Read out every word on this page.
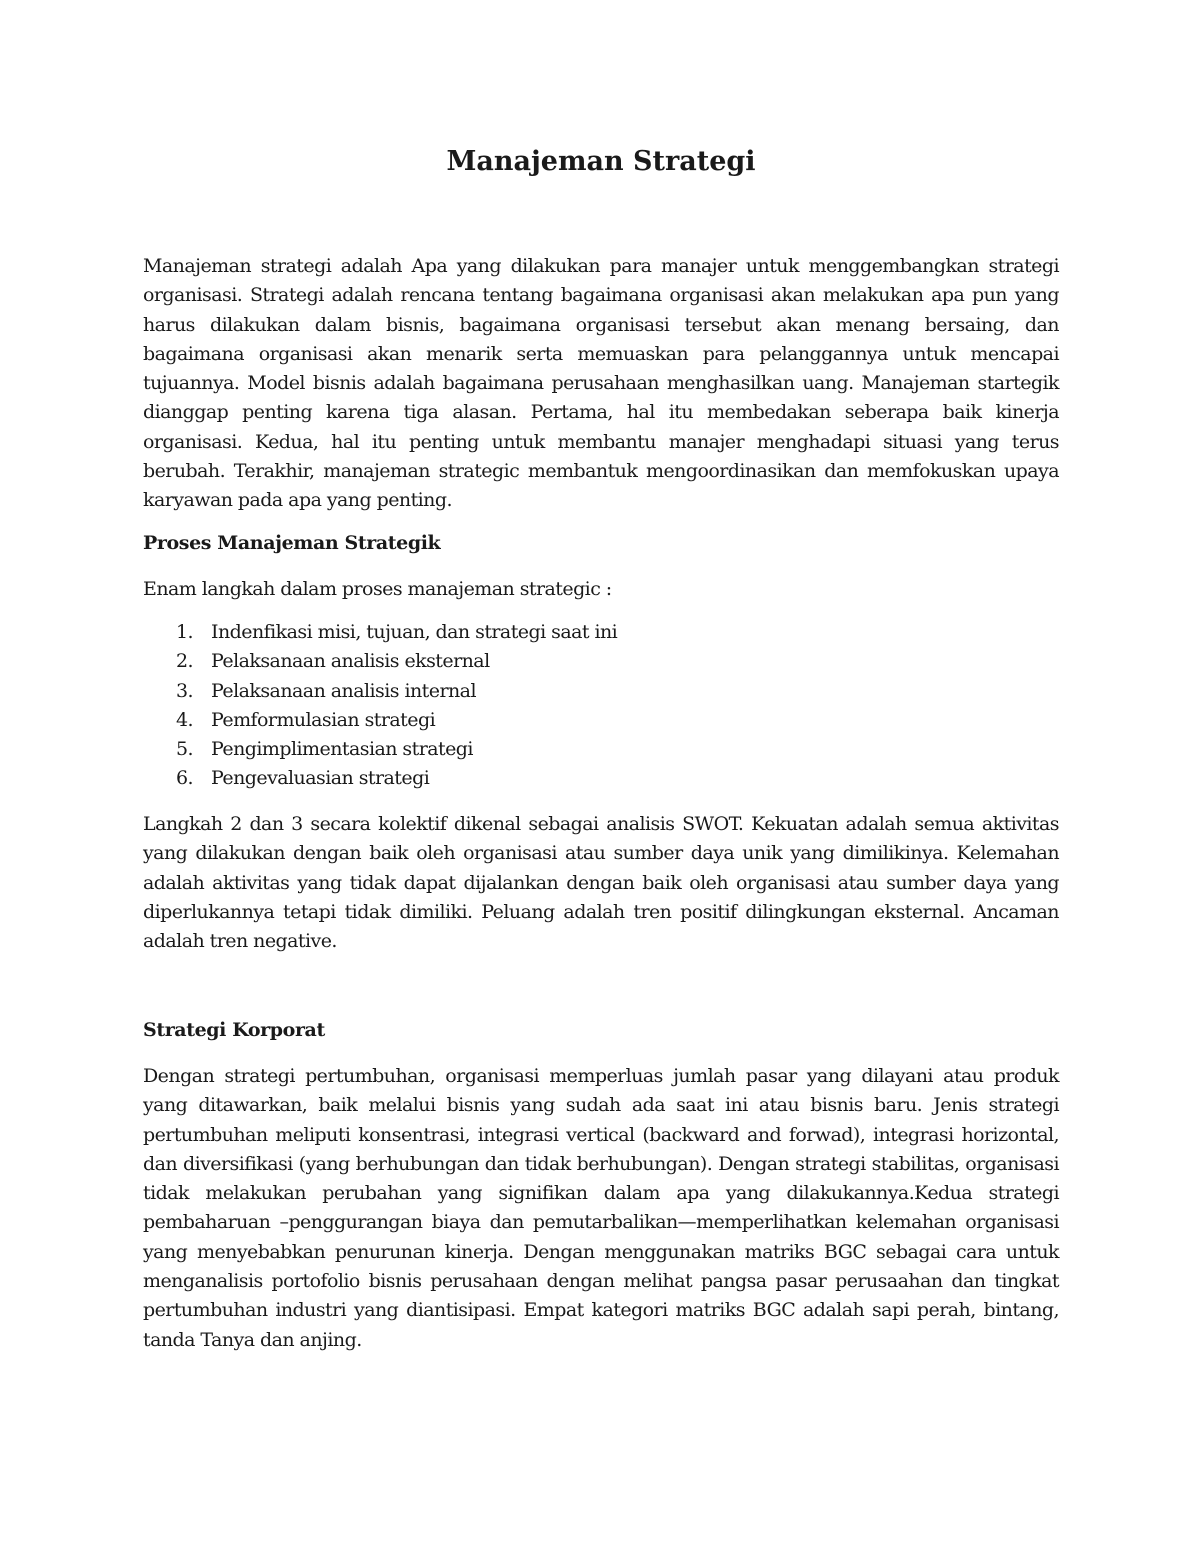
Manajeman Strategi

Manajeman strategi adalah Apa yang dilakukan para manajer untuk menggembangkan strategi organisasi. Strategi adalah rencana tentang bagaimana organisasi akan melakukan apa pun yang harus dilakukan dalam bisnis, bagaimana organisasi tersebut akan menang bersaing, dan bagaimana organisasi akan menarik serta memuaskan para pelanggannya untuk mencapai tujuannya. Model bisnis adalah bagaimana perusahaan menghasilkan uang. Manajeman startegik dianggap penting karena tiga alasan. Pertama, hal itu membedakan seberapa baik kinerja organisasi. Kedua, hal itu penting untuk membantu manajer menghadapi situasi yang terus berubah. Terakhir, manajeman strategic membantuk mengoordinasikan dan memfokuskan upaya karyawan pada apa yang penting.

Proses Manajeman Strategik

Enam langkah dalam proses manajeman strategic :

1. Indenfikasi misi, tujuan, dan strategi saat ini
2. Pelaksanaan analisis eksternal
3. Pelaksanaan analisis internal
4. Pemformulasian strategi
5. Pengimplimentasian strategi
6. Pengevaluasian strategi

Langkah 2 dan 3 secara kolektif dikenal sebagai analisis SWOT. Kekuatan adalah semua aktivitas yang dilakukan dengan baik oleh organisasi atau sumber daya unik yang dimilikinya. Kelemahan adalah aktivitas yang tidak dapat dijalankan dengan baik oleh organisasi atau sumber daya yang diperlukannya tetapi tidak dimiliki. Peluang adalah tren positif dilingkungan eksternal. Ancaman adalah tren negative.

Strategi Korporat

Dengan strategi pertumbuhan, organisasi memperluas jumlah pasar yang dilayani atau produk yang ditawarkan, baik melalui bisnis yang sudah ada saat ini atau bisnis baru. Jenis strategi pertumbuhan meliputi konsentrasi, integrasi vertical (backward and forwad), integrasi horizontal, dan diversifikasi (yang berhubungan dan tidak berhubungan). Dengan strategi stabilitas, organisasi tidak melakukan perubahan yang signifikan dalam apa yang dilakukannya.Kedua strategi pembaharuan –penggurangan biaya dan pemutarbalikan—memperlihatkan kelemahan organisasi yang menyebabkan penurunan kinerja. Dengan menggunakan matriks BGC sebagai cara untuk menganalisis portofolio bisnis perusahaan dengan melihat pangsa pasar perusaahan dan tingkat pertumbuhan industri yang diantisipasi. Empat kategori matriks BGC adalah sapi perah, bintang, tanda Tanya dan anjing.
